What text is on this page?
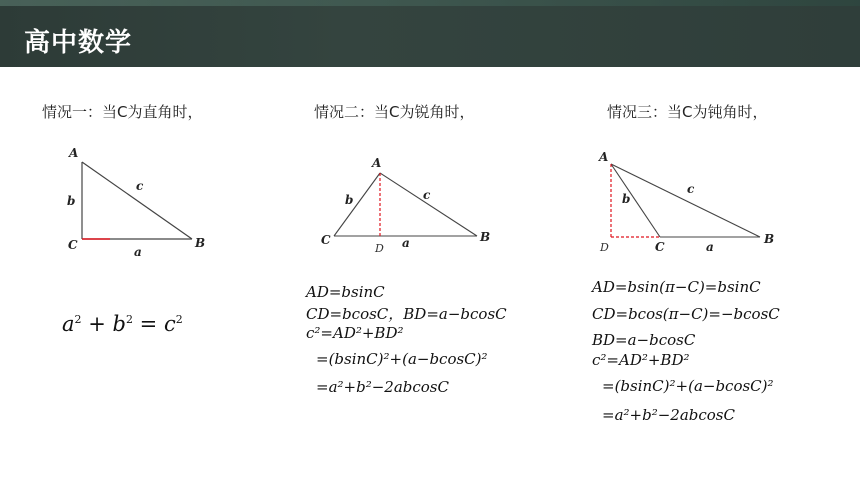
高中数学
情况一：当C为直角时，	情况二：当C为锐角时，	情况三：当C为钝角时，
A
B
C
b
a
c
A
B
C
D
b
a
c
A
B
C
D
b
a
c
$a^2 + b^2 = c^2$
AD=bsinC
CD=bcosC，BD=a−bcosC
c²=AD²+BD²
=(bsinC)²+(a−bcosC)²
=a²+b²−2abcosC
AD=bsin(π−C)=bsinC
CD=bcos(π−C)=−bcosC
BD=a−bcosC
c²=AD²+BD²
=(bsinC)²+(a−bcosC)²
=a²+b²−2abcosC
